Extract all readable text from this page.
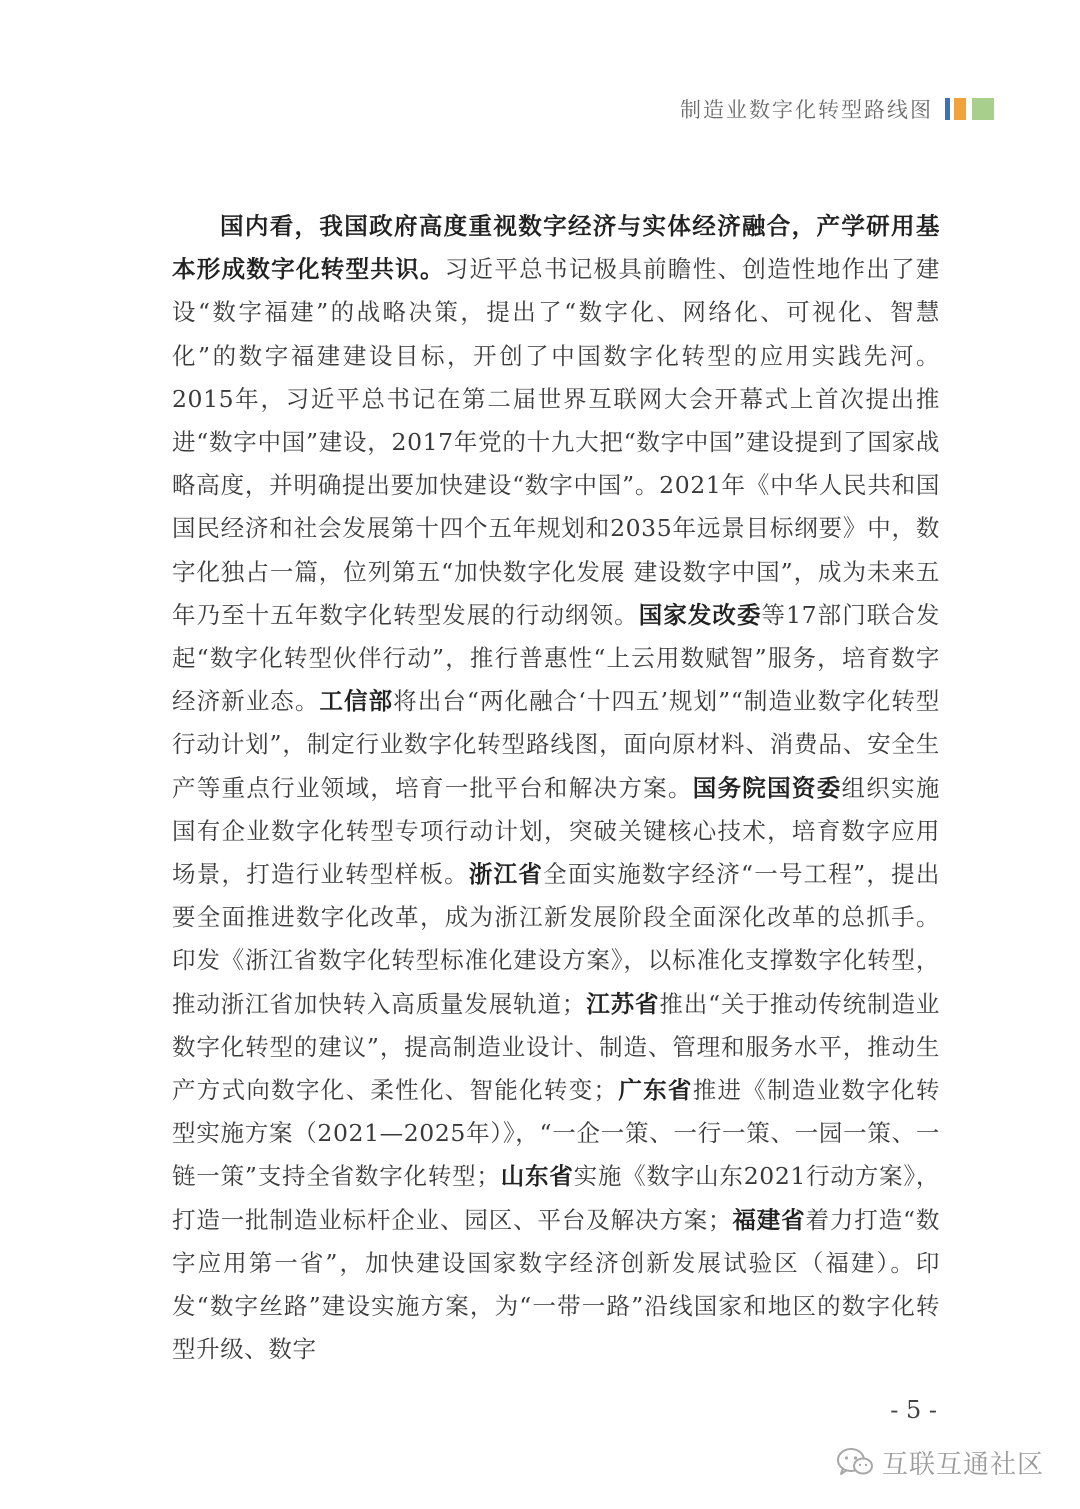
制造业数字化转型路线图

国内看，我国政府高度重视数字经济与实体经济融合，产学研用基本形成数字化转型共识。习近平总书记极具前瞻性、创造性地作出了建设“数字福建”的战略决策，提出了“数字化、网络化、可视化、智慧化”的数字福建建设目标，开创了中国数字化转型的应用实践先河。2015年，习近平总书记在第二届世界互联网大会开幕式上首次提出推进“数字中国”建设，2017年党的十九大把“数字中国”建设提到了国家战略高度，并明确提出要加快建设“数字中国”。2021年《中华人民共和国国民经济和社会发展第十四个五年规划和2035年远景目标纲要》中，数字化独占一篇，位列第五“加快数字化发展 建设数字中国”，成为未来五年乃至十五年数字化转型发展的行动纲领。国家发改委等17部门联合发起“数字化转型伙伴行动”，推行普惠性“上云用数赋智”服务，培育数字经济新业态。工信部将出台“两化融合‘十四五’规划”“制造业数字化转型行动计划”，制定行业数字化转型路线图，面向原材料、消费品、安全生产等重点行业领域，培育一批平台和解决方案。国务院国资委组织实施国有企业数字化转型专项行动计划，突破关键核心技术，培育数字应用场景，打造行业转型样板。浙江省全面实施数字经济“一号工程”，提出要全面推进数字化改革，成为浙江新发展阶段全面深化改革的总抓手。印发《浙江省数字化转型标准化建设方案》，以标准化支撑数字化转型，推动浙江省加快转入高质量发展轨道；江苏省推出“关于推动传统制造业数字化转型的建议”，提高制造业设计、制造、管理和服务水平，推动生产方式向数字化、柔性化、智能化转变；广东省推进《制造业数字化转型实施方案（2021—2025年）》，“一企一策、一行一策、一园一策、一链一策”支持全省数字化转型；山东省实施《数字山东2021行动方案》，打造一批制造业标杆企业、园区、平台及解决方案；福建省着力打造“数字应用第一省”，加快建设国家数字经济创新发展试验区（福建）。印发“数字丝路”建设实施方案，为“一带一路”沿线国家和地区的数字化转型升级、数字

- 5 -
互联互通社区
